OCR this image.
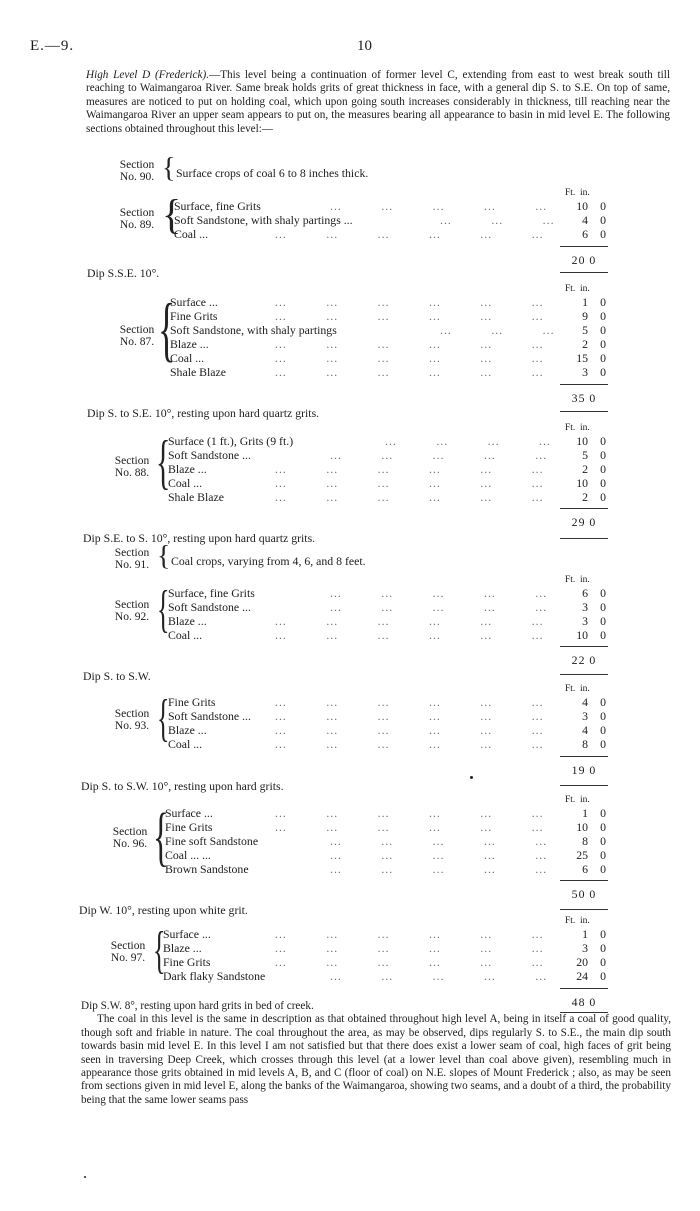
E.—9.	10

High Level D (Frederick).—This level being a continuation of former level C, extending from east to west break south till reaching to Waimangaroa River. Same break holds grits of great thickness in face, with a general dip S. to S.E. On top of same, measures are noticed to put on holding coal, which upon going south increases considerably in thickness, till reaching near the Waimangaroa River an upper seam appears to put on, the measures bearing all appearance to basin in mid level E. The following sections obtained throughout this level:—

Section
No. 90. { Surface crops of coal 6 to 8 inches thick.
Ft.  in.
Section
No. 89. {
Surface, fine Grits	...          ...          ...          ...          ...	10	0
Soft Sandstone, with shaly partings ...	...          ...          ...	4	0
Coal ...	...          ...          ...          ...          ...          ...	6	0
20 0
Dip S.S.E. 10°.
Ft.  in.
Section
No. 87. {
Surface ...	...          ...          ...          ...          ...          ...	1	0
Fine Grits	...          ...          ...          ...          ...          ...	9	0
Soft Sandstone, with shaly partings	...          ...          ...	5	0
Blaze ...	...          ...          ...          ...          ...          ...	2	0
Coal ...	...          ...          ...          ...          ...          ...	15	0
Shale Blaze	...          ...          ...          ...          ...          ...	3	0
35 0
Dip S. to S.E. 10°, resting upon hard quartz grits.
Ft.  in.
Section
No. 88. {
Surface (1 ft.), Grits (9 ft.)	...          ...          ...          ...	10	0
Soft Sandstone ...	...          ...          ...          ...          ...	5	0
Blaze ...	...          ...          ...          ...          ...          ...	2	0
Coal ...	...          ...          ...          ...          ...          ...	10	0
Shale Blaze	...          ...          ...          ...          ...          ...	2	0
29 0
Dip S.E. to S. 10°, resting upon hard quartz grits.
Section
No. 91. { Coal crops, varying from 4, 6, and 8 feet.
Ft.  in.
Section
No. 92. {
Surface, fine Grits	...          ...          ...          ...          ...	6	0
Soft Sandstone ...	...          ...          ...          ...          ...	3	0
Blaze ...	...          ...          ...          ...          ...          ...	3	0
Coal ...	...          ...          ...          ...          ...          ...	10	0
22 0
Dip S. to S.W.
Ft.  in.
Section
No. 93. {
Fine Grits	...          ...          ...          ...          ...          ...	4	0
Soft Sandstone ... ...          ...          ...          ...          ...          ...	3	0
Blaze ...	...          ...          ...          ...          ...          ...	4	0
Coal ...	...          ...          ...          ...          ...          ...	8	0
19 0
Dip S. to S.W. 10°, resting upon hard grits.
Ft.  in.
Section
No. 96. {
Surface ...	...          ...          ...          ...          ...          ...	1	0
Fine Grits	...          ...          ...          ...          ...          ...	10	0
Fine soft Sandstone	...          ...          ...          ...          ...	8	0
Coal ... ...	...          ...          ...          ...          ...	25	0
Brown Sandstone	...          ...          ...          ...          ...	6	0
50 0
Dip W. 10°, resting upon white grit.
Ft.  in.
Section
No. 97. {
Surface ...	...          ...          ...          ...          ...          ...	1	0
Blaze ...	...          ...          ...          ...          ...          ...	3	0
Fine Grits	...          ...          ...          ...          ...          ...	20	0
Dark flaky Sandstone	...          ...          ...          ...          ...	24	0
48 0

Dip S.W. 8°, resting upon hard grits in bed of creek.
The coal in this level is the same in description as that obtained throughout high level A, being in itself a coal of good quality, though soft and friable in nature. The coal throughout the area, as may be observed, dips regularly S. to S.E., the main dip south towards basin mid level E. In this level I am not satisfied but that there does exist a lower seam of coal, high faces of grit being seen in traversing Deep Creek, which crosses through this level (at a lower level than coal above given), resembling much in appearance those grits obtained in mid levels A, B, and C (floor of coal) on N.E. slopes of Mount Frederick ; also, as may be seen from sections given in mid level E, along the banks of the Waimangaroa, showing two seams, and a doubt of a third, the probability being that the same lower seams pass
